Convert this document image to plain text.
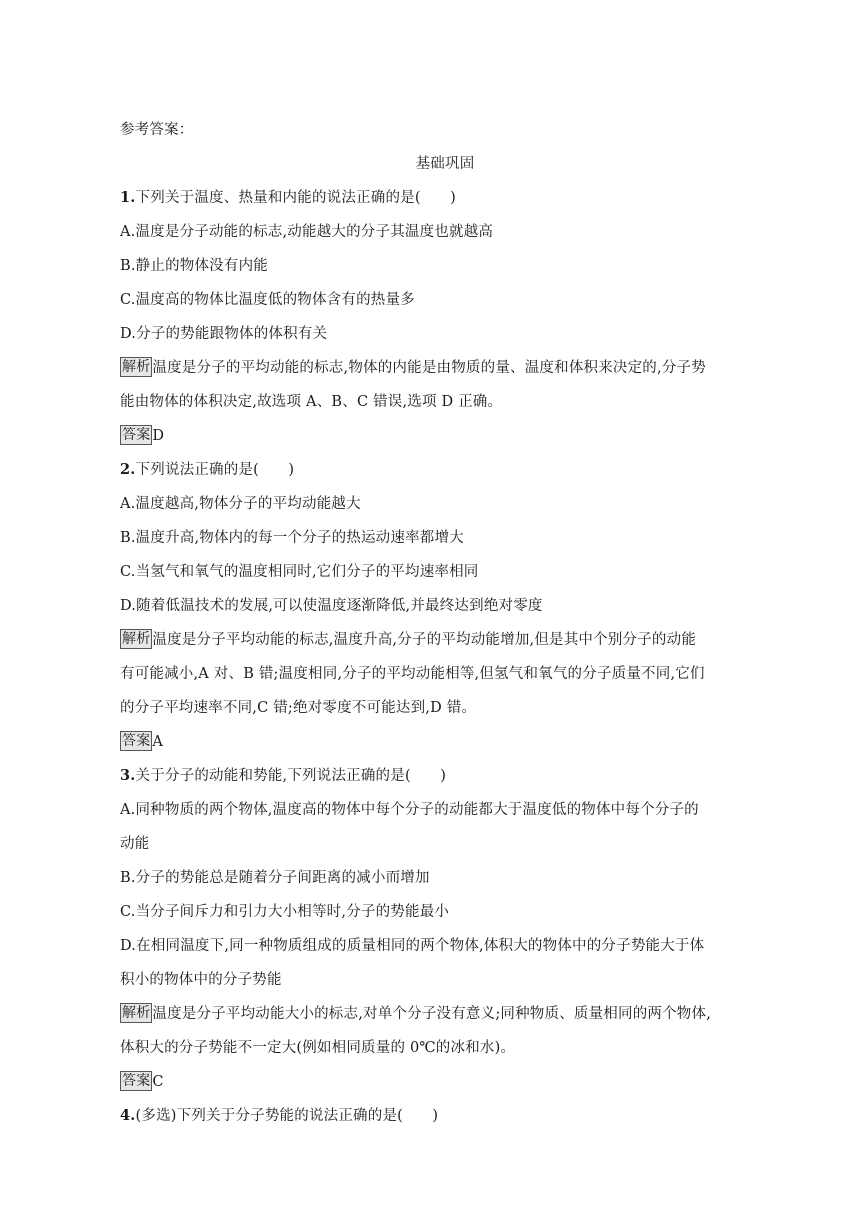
参考答案：
基础巩固
1.下列关于温度、热量和内能的说法正确的是(　　)
A.温度是分子动能的标志,动能越大的分子其温度也就越高
B.静止的物体没有内能
C.温度高的物体比温度低的物体含有的热量多
D.分子的势能跟物体的体积有关
解析 温度是分子的平均动能的标志,物体的内能是由物质的量、温度和体积来决定的,分子势
能由物体的体积决定,故选项 A、B、C 错误,选项 D 正确。
答案 D
2.下列说法正确的是(　　)
A.温度越高,物体分子的平均动能越大
B.温度升高,物体内的每一个分子的热运动速率都增大
C.当氢气和氧气的温度相同时,它们分子的平均速率相同
D.随着低温技术的发展,可以使温度逐渐降低,并最终达到绝对零度
解析 温度是分子平均动能的标志,温度升高,分子的平均动能增加,但是其中个别分子的动能
有可能减小,A 对、B 错;温度相同,分子的平均动能相等,但氢气和氧气的分子质量不同,它们
的分子平均速率不同,C 错;绝对零度不可能达到,D 错。
答案 A
3.关于分子的动能和势能,下列说法正确的是(　　)
A.同种物质的两个物体,温度高的物体中每个分子的动能都大于温度低的物体中每个分子的
动能
B.分子的势能总是随着分子间距离的减小而增加
C.当分子间斥力和引力大小相等时,分子的势能最小
D.在相同温度下,同一种物质组成的质量相同的两个物体,体积大的物体中的分子势能大于体
积小的物体中的分子势能
解析 温度是分子平均动能大小的标志,对单个分子没有意义;同种物质、质量相同的两个物体,
体积大的分子势能不一定大(例如相同质量的 0℃的冰和水)。
答案 C
4.(多选)下列关于分子势能的说法正确的是(　　)
